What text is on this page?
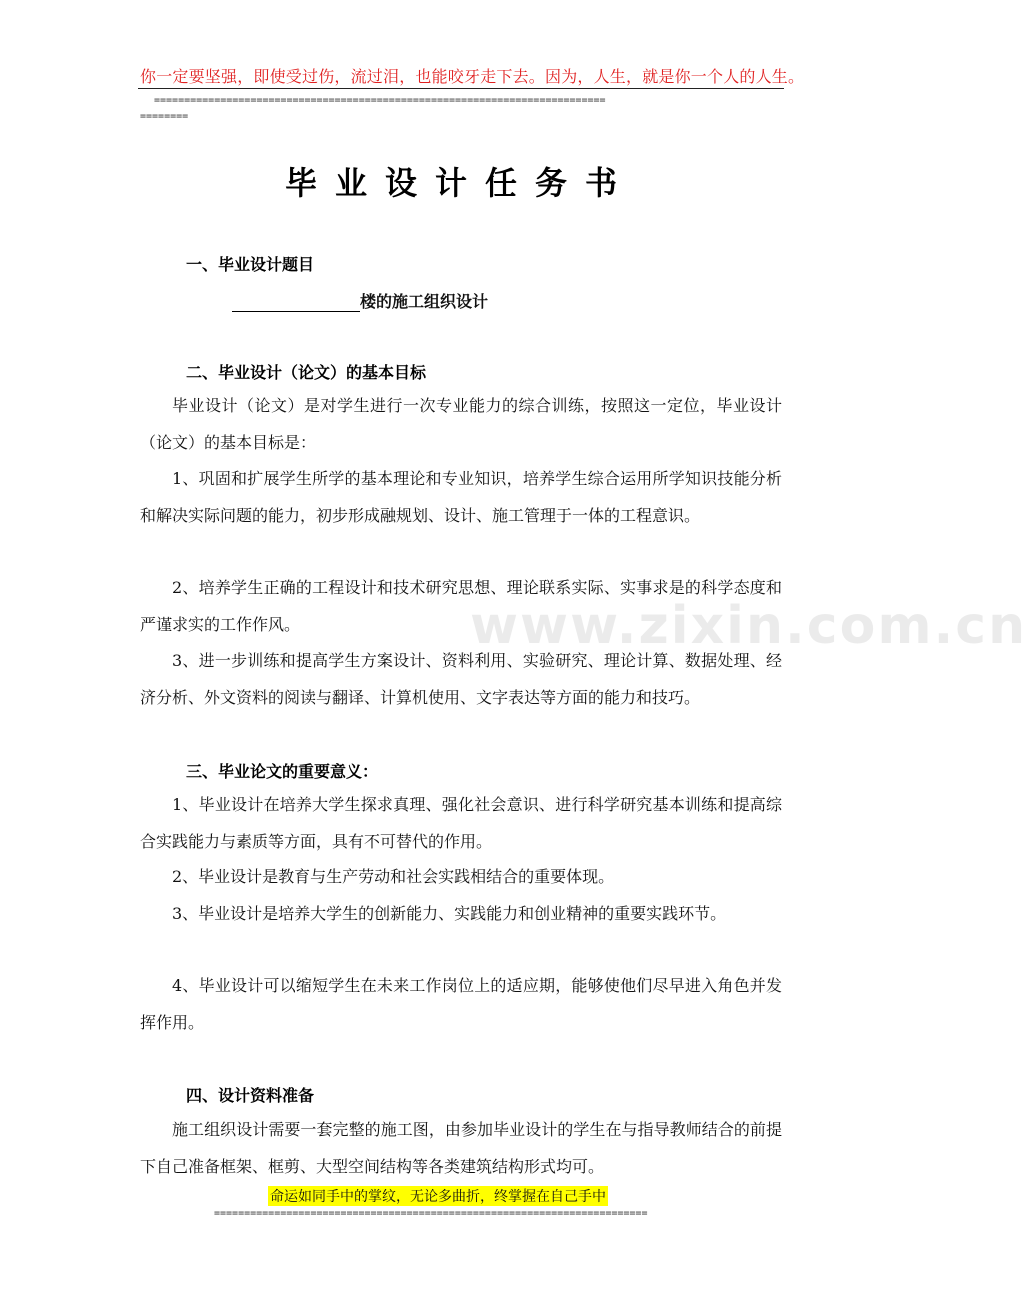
你一定要坚强，即使受过伤，流过泪，也能咬牙走下去。因为，人生，就是你一个人的人生。
===========================================================================
========
www.zixin.com.cn
毕业设计任务书
一、毕业设计题目
楼的施工组织设计
二、毕业设计（论文）的基本目标
毕业设计（论文）是对学生进行一次专业能力的综合训练，按照这一定位，毕业设计（论文）的基本目标是：
1、巩固和扩展学生所学的基本理论和专业知识，培养学生综合运用所学知识技能分析和解决实际问题的能力，初步形成融规划、设计、施工管理于一体的工程意识。
2、培养学生正确的工程设计和技术研究思想、理论联系实际、实事求是的科学态度和严谨求实的工作作风。
3、进一步训练和提高学生方案设计、资料利用、实验研究、理论计算、数据处理、经济分析、外文资料的阅读与翻译、计算机使用、文字表达等方面的能力和技巧。
三、毕业论文的重要意义：
1、毕业设计在培养大学生探求真理、强化社会意识、进行科学研究基本训练和提高综合实践能力与素质等方面，具有不可替代的作用。
2、毕业设计是教育与生产劳动和社会实践相结合的重要体现。
3、毕业设计是培养大学生的创新能力、实践能力和创业精神的重要实践环节。
4、毕业设计可以缩短学生在未来工作岗位上的适应期，能够使他们尽早进入角色并发挥作用。
四、设计资料准备
施工组织设计需要一套完整的施工图，由参加毕业设计的学生在与指导教师结合的前提下自己准备框架、框剪、大型空间结构等各类建筑结构形式均可。
命运如同手中的掌纹，无论多曲折，终掌握在自己手中
========================================================================
